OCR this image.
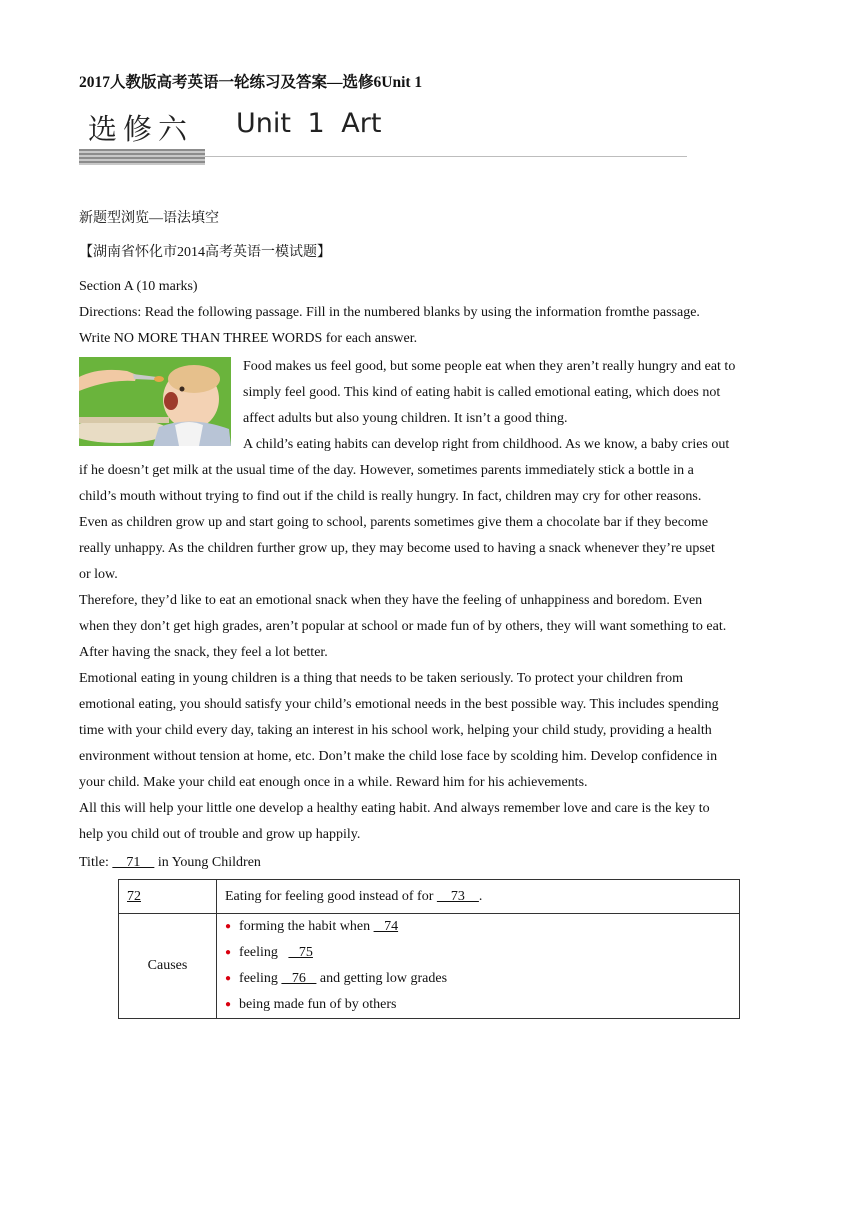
2017人教版高考英语一轮练习及答案—选修6Unit 1
选修六 Unit 1 Art
新题型浏览—语法填空
【湖南省怀化市2014高考英语一模试题】
Section A (10 marks)
Directions: Read the following passage. Fill in the numbered blanks by using the information fromthe passage.
Write NO MORE THAN THREE WORDS for each answer.
Food makes us feel good, but some people eat when they aren’t really hungry and eat to
simply feel good. This kind of eating habit is called emotional eating, which does not
affect adults but also young children. It isn’t a good thing.
A child’s eating habits can develop right from childhood. As we know, a baby cries out
if he doesn’t get milk at the usual time of the day. However, sometimes parents immediately stick a bottle in a
child’s mouth without trying to find out if the child is really hungry. In fact, children may cry for other reasons.
Even as children grow up and start going to school, parents sometimes give them a chocolate bar if they become
really unhappy. As the children further grow up, they may become used to having a snack whenever they’re upset
or low.
Therefore, they’d like to eat an emotional snack when they have the feeling of unhappiness and boredom. Even
when they don’t get high grades, aren’t popular at school or made fun of by others, they will want something to eat.
After having the snack, they feel a lot better.
Emotional eating in young children is a thing that needs to be taken seriously. To protect your children from
emotional eating, you should satisfy your child’s emotional needs in the best possible way. This includes spending
time with your child every day, taking an interest in his school work, helping your child study, providing a health
environment without tension at home, etc. Don’t make the child lose face by scolding him. Develop confidence in
your child. Make your child eat enough once in a while. Reward him for his achievements.
All this will help your little one develop a healthy eating habit. And always remember love and care is the key to
help you child out of trouble and grow up happily.
Title:     71     in Young Children
72	Eating for feeling good instead of for     73    .
Causes	● forming the habit when    74
● feeling      75
● feeling    76    and getting low grades
● being made fun of by others
